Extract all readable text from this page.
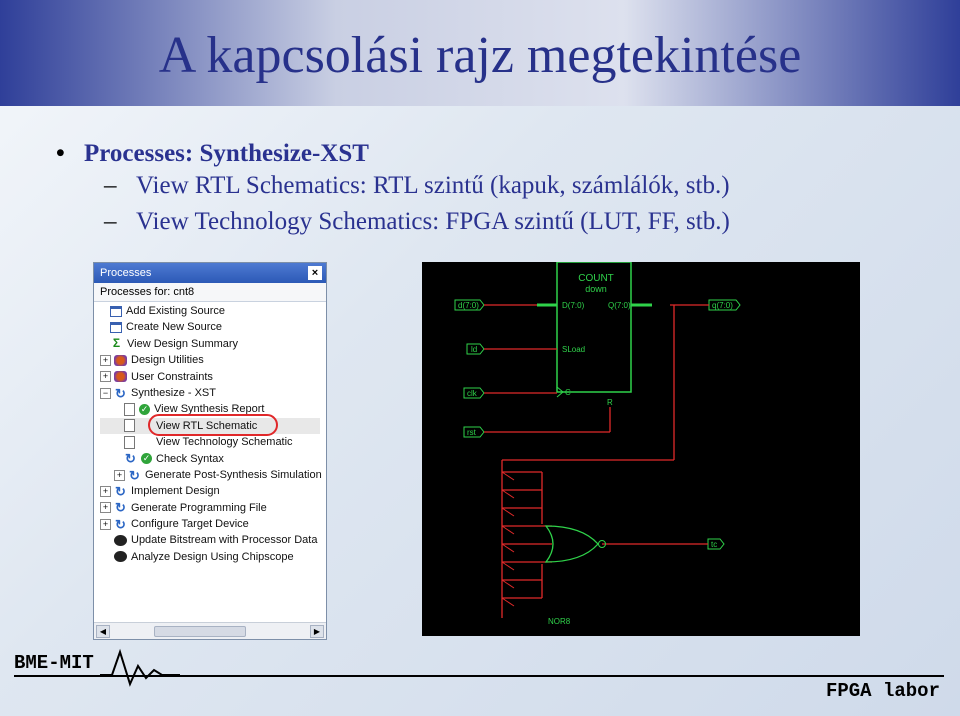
A kapcsolási rajz megtekintése
• Processes: Synthesize-XST
– View RTL Schematics: RTL szintű (kapuk, számlálók, stb.)
– View Technology Schematics: FPGA szintű (LUT, FF, stb.)
Processes	×
Processes for: cnt8
Add Existing Source
Create New Source
Σ View Design Summary
+ Design Utilities
+ User Constraints
− ↻ Synthesize - XST
✓ View Synthesis Report
View RTL Schematic
View Technology Schematic
↻ ✓ Check Syntax
+ ↻ Generate Post-Synthesis Simulation
+ ↻ Implement Design
+ ↻ Generate Programming File
+ ↻ Configure Target Device
Update Bitstream with Processor Data
Analyze Design Using Chipscope
◀	▶
COUNT
down
D(7:0)	Q(7:0)
SLoad
C
R
d(7:0)	q(7:0)
ld
clk
rst
tc
NOR8
BME-MIT
FPGA labor
